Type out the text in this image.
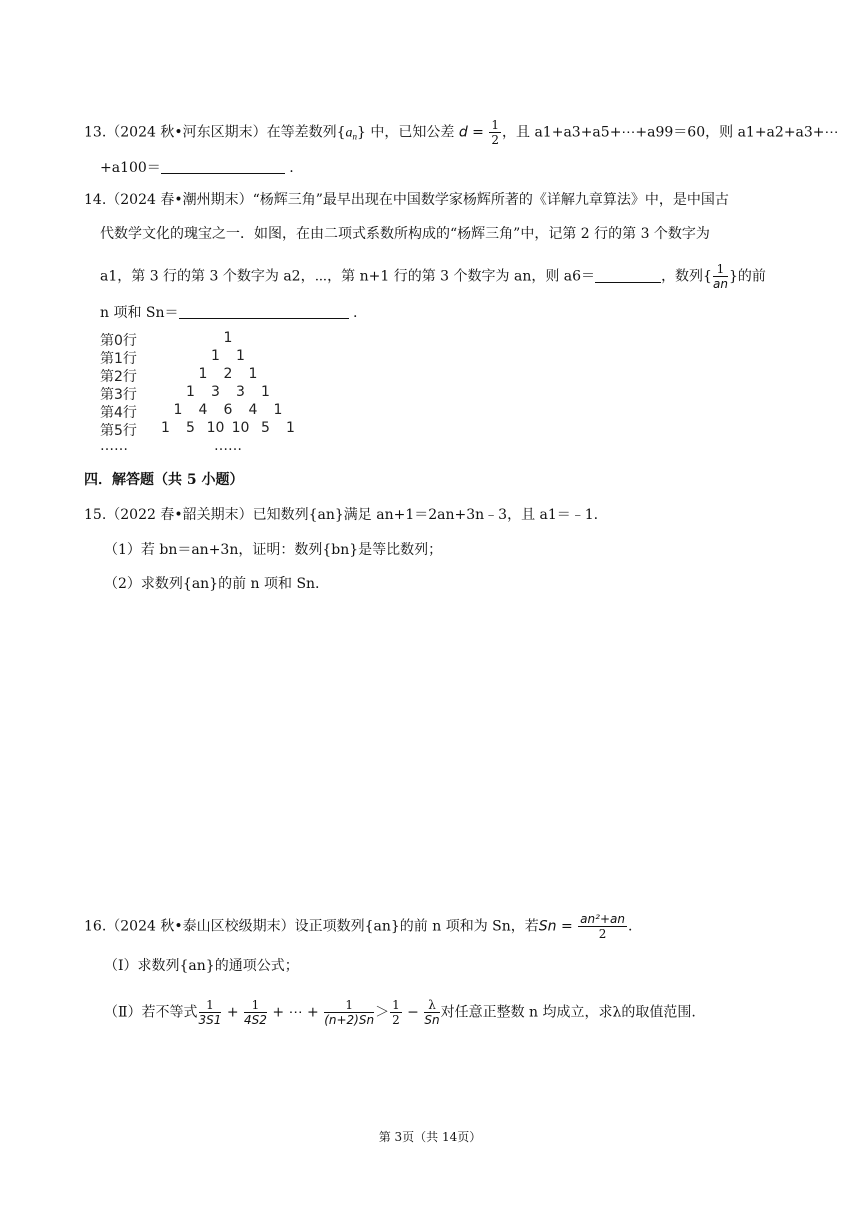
13.（2024 秋•河东区期末）在等差数列$\{a_n\}$ 中，已知公差 $d = \frac{1}{2}$ ，且 a1+a3+a5+⋯+a99＝60，则 a1+a2+a3+⋯
+a100＝	.
14.（2024 春•潮州期末）“杨辉三角”最早出现在中国数学家杨辉所著的《详解九章算法》中，是中国古
代数学文化的瑰宝之一．如图，在由二项式系数所构成的“杨辉三角”中，记第 2 行的第 3 个数字为
a1，第 3 行的第 3 个数字为 a2，⋯，第 n+1 行的第 3 个数字为 an，则 a6＝	，数列{ $\frac{1}{an}$ }的前
n 项和 Sn＝	.
第0行	1
第1行	1 1
第2行	1 2 1
第3行	1 3 3 1
第4行	1 4 6 4 1
第5行 1 5 10 10 5 1
……	……
四．解答题（共 5 小题）
15.（2022 春•韶关期末）已知数列{an}满足 an+1＝2an+3n﹣3，且 a1＝﹣1.
（1）若 bn＝an+3n，证明：数列{bn}是等比数列；
（2）求数列{an}的前 n 项和 Sn.
16.（2024 秋•泰山区校级期末）设正项数列{an}的前 n 项和为 Sn，若$Sn = \frac{\text{an²+an}}{2}$ .
（Ⅰ）求数列{an}的通项公式；
（Ⅱ）若不等式 $\frac{1}{3S1} + \frac{1}{4S2}$ + ⋯ + $\frac{1}{(n+2)Sn} > \frac{1}{2} - \frac{\lambda}{Sn}$ 对任意正整数 n 均成立，求λ的取值范围.
第 3页（共 14页）
